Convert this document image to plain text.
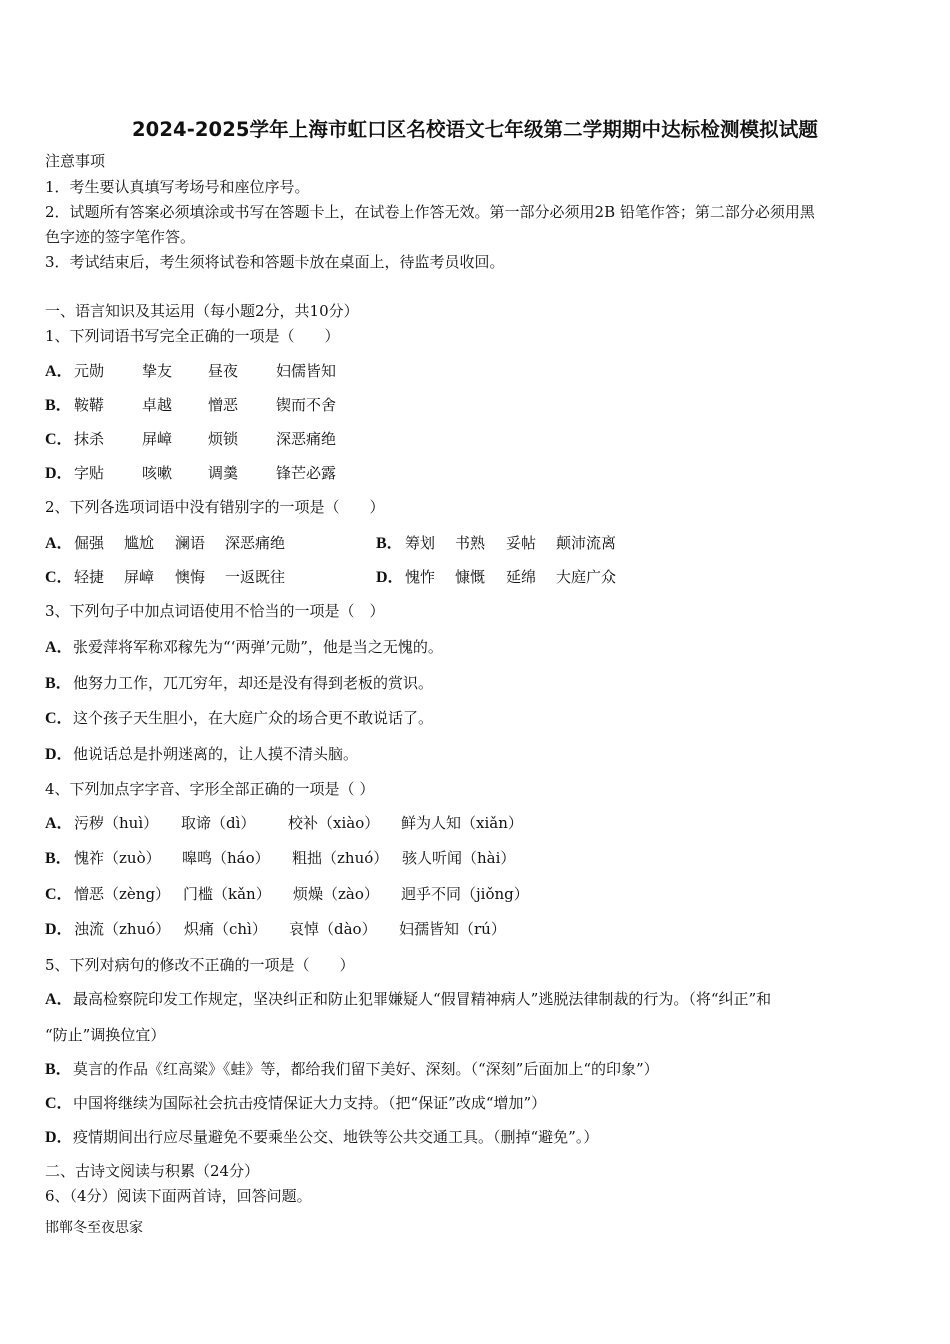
2024-2025学年上海市虹口区名校语文七年级第二学期期中达标检测模拟试题
注意事项
1．考生要认真填写考场号和座位序号。
2．试题所有答案必须填涂或书写在答题卡上，在试卷上作答无效。第一部分必须用2B 铅笔作答；第二部分必须用黑
色字迹的签字笔作答。
3．考试结束后，考生须将试卷和答题卡放在桌面上，待监考员收回。
一、语言知识及其运用（每小题2分，共10分）
1、下列词语书写完全正确的一项是（　　）
A． 元勋	挚友 昼夜	妇儒皆知
B． 鞍鞯	卓越 憎恶	锲而不舍
C． 抹杀	屏嶂 烦锁	深恶痛绝
D． 字贴	咳嗽 调羹	锋芒必露
2、下列各选项词语中没有错别字的一项是（　　）
A． 倔强 尴尬 澜语 深恶痛绝	B． 筹划 书熟 妥帖 颠沛流离
C． 轻捷 屏嶂 懊悔 一返既往	D． 愧怍 慷慨 延绵 大庭广众
3、下列句子中加点词语使用不恰当的一项是（　）
A．张爱萍将军称邓稼先为“‘两弹’元勋”，他是当之无愧的。
B．他努力工作，兀兀穷年，却还是没有得到老板的赏识。
C．这个孩子天生胆小，在大庭广众的场合更不敢说话了。
D．他说话总是扑朔迷离的，让人摸不清头脑。
4、下列加点字字音、字形全部正确的一项是（ ）
A． 污秽（huì） 取谛（dì） 校补（xiào） 鲜为人知（xiǎn）
B． 愧祚（zuò） 嗥鸣（háo） 粗拙（zhuó） 骇人听闻（hài）
C． 憎恶（zèng） 门槛（kǎn） 烦燥（zào） 迥乎不同（jiǒng）
D． 浊流（zhuó） 炽痛（chì） 哀悼（dào） 妇孺皆知（rú）
5、下列对病句的修改不正确的一项是（　　）
A．最高检察院印发工作规定，坚决纠正和防止犯罪嫌疑人“假冒精神病人”逃脱法律制裁的行为。（将“纠正”和
“防止”调换位宜）
B．莫言的作品《红高粱》《蛙》等，都给我们留下美好、深刻。（“深刻”后面加上“的印象”）
C．中国将继续为国际社会抗击疫情保证大力支持。（把“保证”改成“增加”）
D．疫情期间出行应尽量避免不要乘坐公交、地铁等公共交通工具。（删掉“避免”。）
二、古诗文阅读与积累（24分）
6、（4分）阅读下面两首诗，回答问题。
邯郸冬至夜思家
